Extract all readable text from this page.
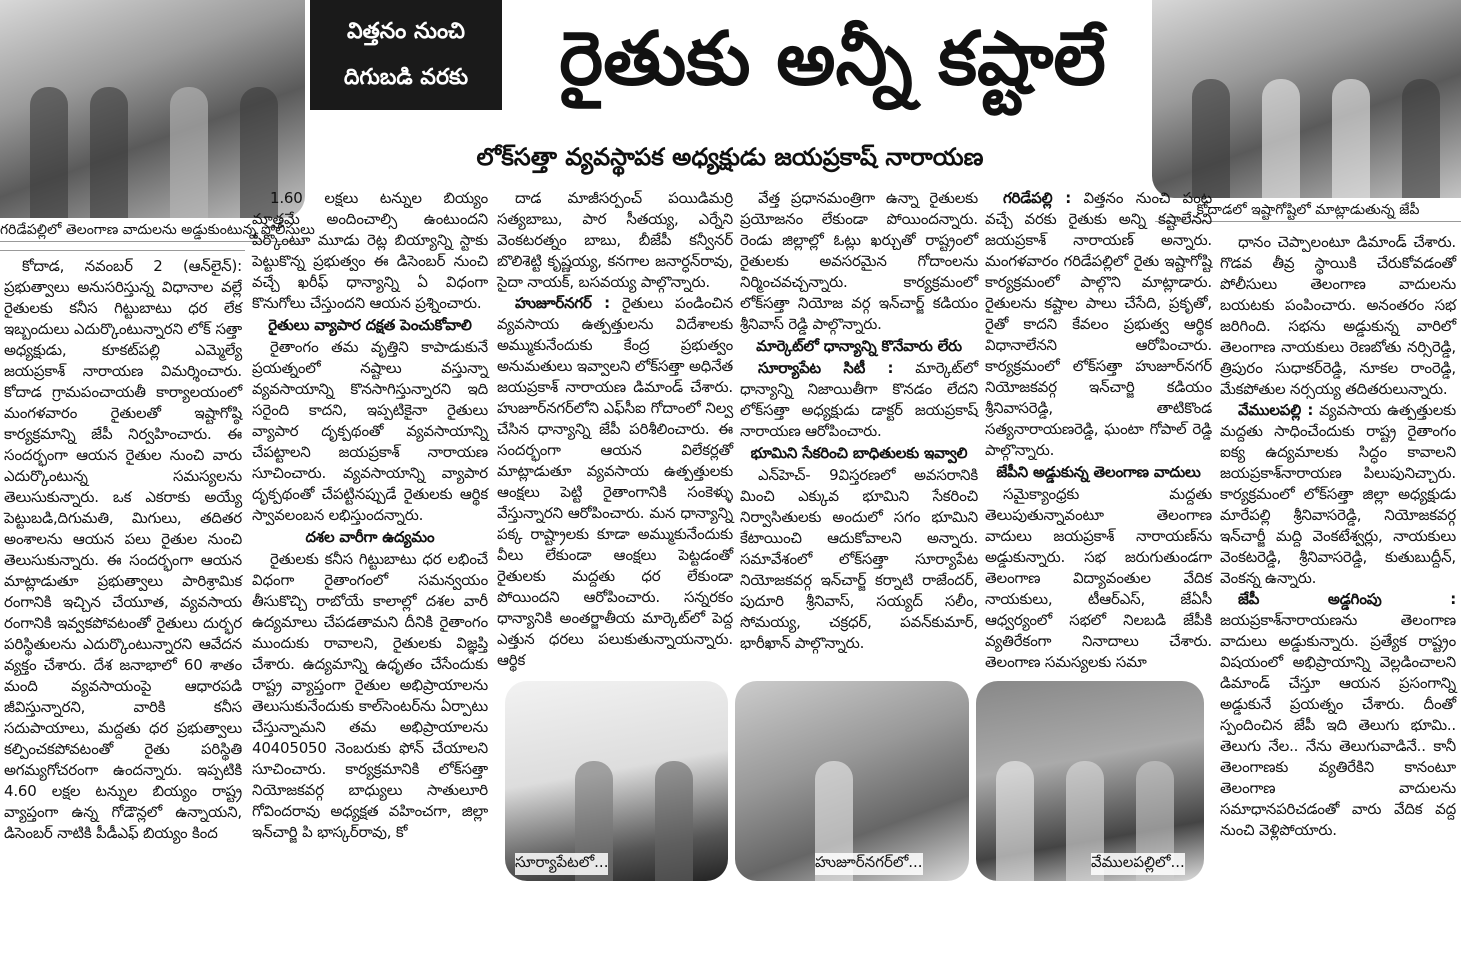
గరిడేపల్లిలో తెలంగాణ వాదులను అడ్డుకుంటున్న పోలీసులు
విత్తనం నుంచి
దిగుబడి వరకు	రైతుకు అన్నీ కష్టాలే
లోక్‌సత్తా వ్యవస్థాపక అధ్యక్షుడు జయప్రకాష్ నారాయణ
కోదాడలో ఇష్టాగోష్టిలో మాట్లాడుతున్న జేపీ

కోదాడ, నవంబర్ 2 (ఆన్‌లైన్): ప్రభుత్వాలు అనుసరిస్తున్న విధానాల వల్లే రైతులకు కనీస గిట్టుబాటు ధర లేక ఇబ్బందులు ఎదుర్కొంటున్నారని లోక్ సత్తా అధ్యక్షుడు, కూకట్‌పల్లి ఎమ్మెల్యే జయప్రకాశ్ నారాయణ విమర్శించారు. కోదాడ గ్రామపంచాయతీ కార్యాలయంలో మంగళవారం రైతులతో ఇష్టాగోష్ఠి కార్యక్రమాన్ని జేపీ నిర్వహించారు. ఈ సందర్భంగా ఆయన రైతుల నుంచి వారు ఎదుర్కొంటున్న సమస్యలను తెలుసుకున్నారు. ఒక ఎకరాకు అయ్యే పెట్టుబడి,దిగుమతి, మిగులు, తదితర అంశాలను ఆయన పలు రైతుల నుంచి తెలుసుకున్నారు. ఈ సందర్భంగా ఆయన మాట్లాడుతూ ప్రభుత్వాలు పారిశ్రామిక రంగానికి ఇచ్చిన చేయూత, వ్యవసాయ రంగానికి ఇవ్వకపోవటంతో రైతులు దుర్భర పరిస్థితులను ఎదుర్కొంటున్నారని ఆవేదన వ్యక్తం చేశారు. దేశ జనాభాలో 60 శాతం మంది వ్యవసాయంపై ఆధారపడి జీవిస్తున్నారని, వారికి కనీస సదుపాయాలు, మద్దతు ధర ప్రభుత్వాలు కల్పించకపోవటంతో రైతు పరిస్థితి అగమ్యగోచరంగా ఉందన్నారు. ఇప్పటికి 4.60 లక్షల టన్నుల బియ్యం రాష్ట్ర వ్యాప్తంగా ఉన్న గోడౌన్లలో ఉన్నాయని, డిసెంబర్ నాటికి పీడీఎఫ్ బియ్యం కింద

1.60 లక్షలు టన్నుల బియ్యం మాత్రమే అందించాల్సి ఉంటుందని పేర్కొంటూ మూడు రెట్ల బియ్యాన్ని స్టాకు పెట్టుకొన్న ప్రభుత్వం ఈ డిసెంబర్ నుంచి వచ్చే ఖరీఫ్ ధాన్యాన్ని ఏ విధంగా కొనుగోలు చేస్తుందని ఆయన ప్రశ్నించారు.

రైతులు వ్యాపార దక్షత పెంచుకోవాలి

రైతాంగం తమ వృత్తిని కాపాడుకునే ప్రయత్నంలో నష్టాలు వస్తున్నా వ్యవసాయాన్ని కొనసాగిస్తున్నారని ఇది సరైంది కాదని, ఇప్పటికైనా రైతులు వ్యాపార దృక్పథంతో వ్యవసాయాన్ని చేపట్టాలని జయప్రకాశ్ నారాయణ సూచించారు. వ్యవసాయాన్ని వ్యాపార దృక్పథంతో చేపట్టినప్పుడే రైతులకు ఆర్థిక స్వావలంబన లభిస్తుందన్నారు.

దశల వారీగా ఉద్యమం

రైతులకు కనీస గిట్టుబాటు ధర లభించే విధంగా రైతాంగంలో సమన్వయం తీసుకొచ్చి రాబోయే కాలాల్లో దశల వారీ ఉద్యమాలు చేపడతామని దీనికి రైతాంగం ముందుకు రావాలని, రైతులకు విజ్ఞప్తి చేశారు. ఉద్యమాన్ని ఉధృతం చేసేందుకు రాష్ట్ర వ్యాప్తంగా రైతుల అభిప్రాయాలను తెలుసుకునేందుకు కాల్‌సెంటర్‌ను ఏర్పాటు చేస్తున్నామని తమ అభిప్రాయాలను 40405050 నెంబరుకు ఫోన్ చేయాలని సూచించారు. కార్యక్రమానికి లోక్‌సత్తా నియోజకవర్గ బాధ్యులు సాతులూరి గోవిందరావు అధ్యక్షత వహించగా, జిల్లా ఇన్‌చార్జి పి భాస్కర్‌రావు, కో

దాడ మాజీసర్పంచ్ పయిడిమర్రి సత్యబాబు, పార సీతయ్య, ఎర్నేని వెంకటరత్నం బాబు, బీజేపీ కన్వీనర్ బొలిశెట్టి కృష్ణయ్య, కనగాల జనార్ధన్‌రావు, సైదా నాయక్, బసవయ్య పాల్గొన్నారు.

హుజూర్‌నగర్ : రైతులు పండించిన వ్యవసాయ ఉత్పత్తులను విదేశాలకు అమ్ముకునేందుకు కేంద్ర ప్రభుత్వం అనుమతులు ఇవ్వాలని లోక్‌సత్తా అధినేత జయప్రకాశ్ నారాయణ డిమాండ్ చేశారు. హుజూర్‌నగర్‌లోని ఎఫ్‌సీఐ గోదాంలో నిల్వ చేసిన ధాన్యాన్ని జేపీ పరిశీలించారు. ఈ సందర్భంగా ఆయన విలేకర్లతో మాట్లాడుతూ వ్యవసాయ ఉత్పత్తులకు ఆంక్షలు పెట్టి రైతాంగానికి సంకెళ్ళు వేస్తున్నారని ఆరోపించారు. మన ధాన్యాన్ని పక్క రాష్ట్రాలకు కూడా అమ్ముకునేందుకు వీలు లేకుండా ఆంక్షలు పెట్టడంతో రైతులకు మద్దతు ధర లేకుండా పోయిందని ఆరోపించారు. సన్నరకం ధాన్యానికి అంతర్జాతీయ మార్కెట్‌లో పెద్ద ఎత్తున ధరలు పలుకుతున్నాయన్నారు. ఆర్థిక

వేత్త ప్రధానమంత్రిగా ఉన్నా రైతులకు ప్రయోజనం లేకుండా పోయిందన్నారు. రెండు జిల్లాల్లో ఓట్లు ఖర్చుతో రాష్ట్రంలో రైతులకు అవసరమైన గోదాంలను నిర్మించవచ్చన్నారు. కార్యక్రమంలో లోక్‌సత్తా నియోజ వర్గ ఇన్‌చార్జ్ కడియం శ్రీనివాస్ రెడ్డి పాల్గొన్నారు.

మార్కెట్‌లో ధాన్యాన్ని కొనేవారు లేరు

సూర్యాపేట సిటీ : మార్కెట్‌లో ధాన్యాన్ని నిజాయితీగా కొనడం లేదని లోక్‌సత్తా అధ్యక్షుడు డాక్టర్ జయప్రకాష్ నారాయణ ఆరోపించారు.

భూమిని సేకరించి బాధితులకు ఇవ్వాలి

ఎన్‌హెచ్- 9విస్తరణలో అవసరానికి మించి ఎక్కువ భూమిని సేకరించి నిర్వాసితులకు అందులో సగం భూమిని కేటాయించి ఆదుకోవాలని అన్నారు. సమావేశంలో లోక్‌సత్తా సూర్యాపేట నియోజకవర్గ ఇన్‌చార్జ్ కర్నాటి రాజేందర్, పుదూరి శ్రీనివాస్, సయ్యద్ సలీం, సోమయ్య, చక్రధర్, పవన్‌కుమార్, భారీఖాన్ పాల్గొన్నారు.

గరిడేపల్లి : విత్తనం నుంచి పంట వచ్చే వరకు రైతుకు అన్ని కష్టాలేనని జయప్రకాశ్ నారాయణ్ అన్నారు. మంగళవారం గరిడేపల్లిలో రైతు ఇష్టాగోష్టి కార్యక్రమంలో పాల్గొని మాట్లాడారు. రైతులను కష్టాల పాలు చేసేది, ప్రకృతో, రైతో కాదని కేవలం ప్రభుత్వ ఆర్థిక విధానాలేనని ఆరోపించారు. కార్యక్రమంలో లోక్‌సత్తా హుజూర్‌నగర్ నియోజకవర్గ ఇన్‌చార్జి కడియం శ్రీనివాసరెడ్డి, తాటికొండ సత్యనారాయణరెడ్డి, ఘంటా గోపాల్ రెడ్డి పాల్గొన్నారు.

జేపీని అడ్డుకున్న తెలంగాణ వాదులు

సమైక్యాంధ్రకు మద్దతు తెలుపుతున్నావంటూ తెలంగాణ వాదులు జయప్రకాశ్ నారాయణ్‌ను అడ్డుకున్నారు. సభ జరుగుతుండగా తెలంగాణ విద్యావంతుల వేదిక నాయకులు, టీఆర్‌ఎస్, జేఏసీ ఆధ్వర్యంలో సభలో నిలబడి జేపీకి వ్యతిరేకంగా నినాదాలు చేశారు. తెలంగాణ సమస్యలకు సమా

సూర్యాపేటలో...	హుజూర్‌నగర్‌లో...	వేములపల్లిలో...

ధానం చెప్పాలంటూ డిమాండ్ చేశారు. గొడవ తీవ్ర స్థాయికి చేరుకోవడంతో పోలీసులు తెలంగాణ వాదులను బయటకు పంపించారు. అనంతరం సభ జరిగింది. సభను అడ్డుకున్న వారిలో తెలంగాణ నాయకులు రెణబోతు నర్సిరెడ్డి, త్రిపురం సుధాకర్‌రెడ్డి, నూకల రాంరెడ్డి, మేకపోతుల నర్సయ్య తదితరులున్నారు.

వేములపల్లి : వ్యవసాయ ఉత్పత్తులకు మద్దతు సాధించేందుకు రాష్ట్ర రైతాంగం ఐక్య ఉద్యమాలకు సిద్ధం కావాలని జయప్రకాశ్‌నారాయణ పిలుపునిచ్చారు. కార్యక్రమంలో లోక్‌సత్తా జిల్లా అధ్యక్షుడు మారేపల్లి శ్రీనివాసరెడ్డి, నియోజకవర్గ ఇన్‌చార్జీ మద్ది వెంకటేశ్వర్లు, నాయకులు వెంకటరెడ్డి, శ్రీనివాసరెడ్డి, కుతుబుద్దీన్, వెంకన్న ఉన్నారు.

జేపీ అడ్డగింపు : జయప్రకాశ్‌నారాయణను తెలంగాణ వాదులు అడ్డుకున్నారు. ప్రత్యేక రాష్ట్రం విషయంలో అభిప్రాయాన్ని వెల్లడించాలని డిమాండ్ చేస్తూ ఆయన ప్రసంగాన్ని అడ్డుకునే ప్రయత్నం చేశారు. దీంతో స్పందించిన జేపీ ఇది తెలుగు భూమి.. తెలుగు నేల.. నేను తెలుగువాడినే.. కానీ తెలంగాణకు వ్యతిరేకిని కానంటూ తెలంగాణ వాదులను సమాధానపరిచడంతో వారు వేదిక వద్ద నుంచి వెళ్లిపోయారు.
